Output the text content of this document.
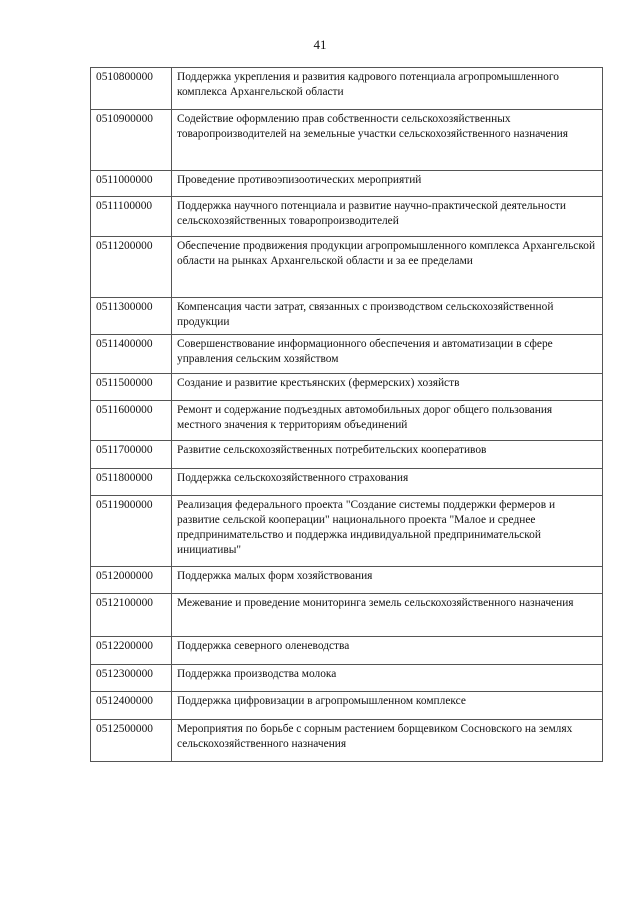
41
0510800000	Поддержка укрепления и развития кадрового потенциала агропромышленного комплекса Архангельской области
0510900000	Содействие оформлению прав собственности сельскохозяйственных товаропроизводителей на земельные участки сельскохозяйственного назначения
0511000000	Проведение противоэпизоотических мероприятий
0511100000	Поддержка научного потенциала и развитие научно-практической деятельности сельскохозяйственных товаропроизводителей
0511200000	Обеспечение продвижения продукции агропромышленного комплекса Архангельской области на рынках Архангельской области и за ее пределами
0511300000	Компенсация части затрат, связанных с производством сельскохозяйственной продукции
0511400000	Совершенствование информационного обеспечения и автоматизации в сфере управления сельским хозяйством
0511500000	Создание и развитие крестьянских (фермерских) хозяйств
0511600000	Ремонт и содержание подъездных автомобильных дорог общего пользования местного значения к территориям объединений
0511700000	Развитие сельскохозяйственных потребительских кооперативов
0511800000	Поддержка сельскохозяйственного страхования
0511900000	Реализация федерального проекта "Создание системы поддержки фермеров и развитие сельской кооперации" национального проекта "Малое и среднее предпринимательство и поддержка индивидуальной предпринимательской инициативы"
0512000000	Поддержка малых форм хозяйствования
0512100000	Межевание и проведение мониторинга земель сельскохозяйственного назначения
0512200000	Поддержка северного оленеводства
0512300000	Поддержка производства молока
0512400000	Поддержка цифровизации в агропромышленном комплексе
0512500000	Мероприятия по борьбе с сорным растением борщевиком Сосновского на землях сельскохозяйственного назначения
